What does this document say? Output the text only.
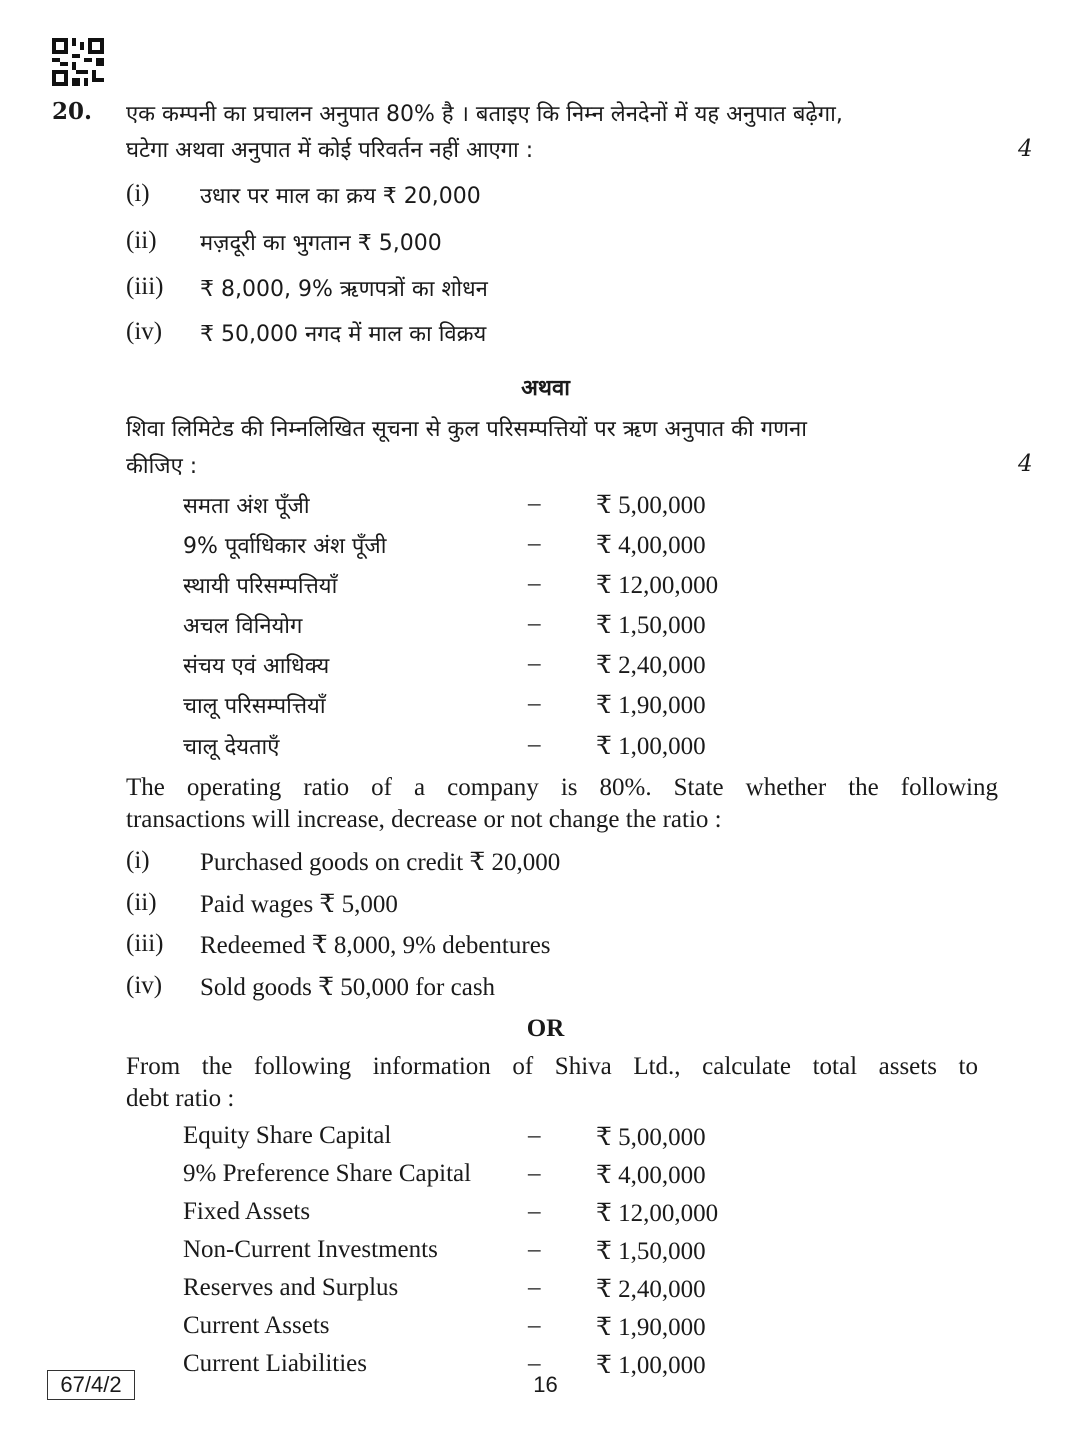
20. एक कम्पनी का प्रचालन अनुपात 80% है । बताइए कि निम्न लेनदेनों में यह अनुपात बढ़ेगा,
घटेगा अथवा अनुपात में कोई परिवर्तन नहीं आएगा :	4
(i) उधार पर माल का क्रय ₹ 20,000
(ii) मज़दूरी का भुगतान ₹ 5,000
(iii) ₹ 8,000, 9% ऋणपत्रों का शोधन
(iv) ₹ 50,000 नगद में माल का विक्रय
अथवा
शिवा लिमिटेड की निम्नलिखित सूचना से कुल परिसम्पत्तियों पर ऋण अनुपात की गणना
कीजिए :	4
समता अंश पूँजी	– ₹ 5,00,000
9% पूर्वाधिकार अंश पूँजी	– ₹ 4,00,000
स्थायी परिसम्पत्तियाँ	– ₹ 12,00,000
अचल विनियोग	– ₹ 1,50,000
संचय एवं आधिक्य	– ₹ 2,40,000
चालू परिसम्पत्तियाँ	– ₹ 1,90,000
चालू देयताएँ	– ₹ 1,00,000
The operating ratio of a company is 80%. State whether the following
transactions will increase, decrease or not change the ratio :
(i) Purchased goods on credit ₹ 20,000
(ii) Paid wages ₹ 5,000
(iii) Redeemed ₹ 8,000, 9% debentures
(iv) Sold goods ₹ 50,000 for cash
OR
From the following information of Shiva Ltd., calculate total assets to
debt ratio :
Equity Share Capital	– ₹ 5,00,000
9% Preference Share Capital – ₹ 4,00,000
Fixed Assets	– ₹ 12,00,000
Non-Current Investments	– ₹ 1,50,000
Reserves and Surplus	– ₹ 2,40,000
Current Assets	– ₹ 1,90,000
Current Liabilities	– ₹ 1,00,000
67/4/2	16
